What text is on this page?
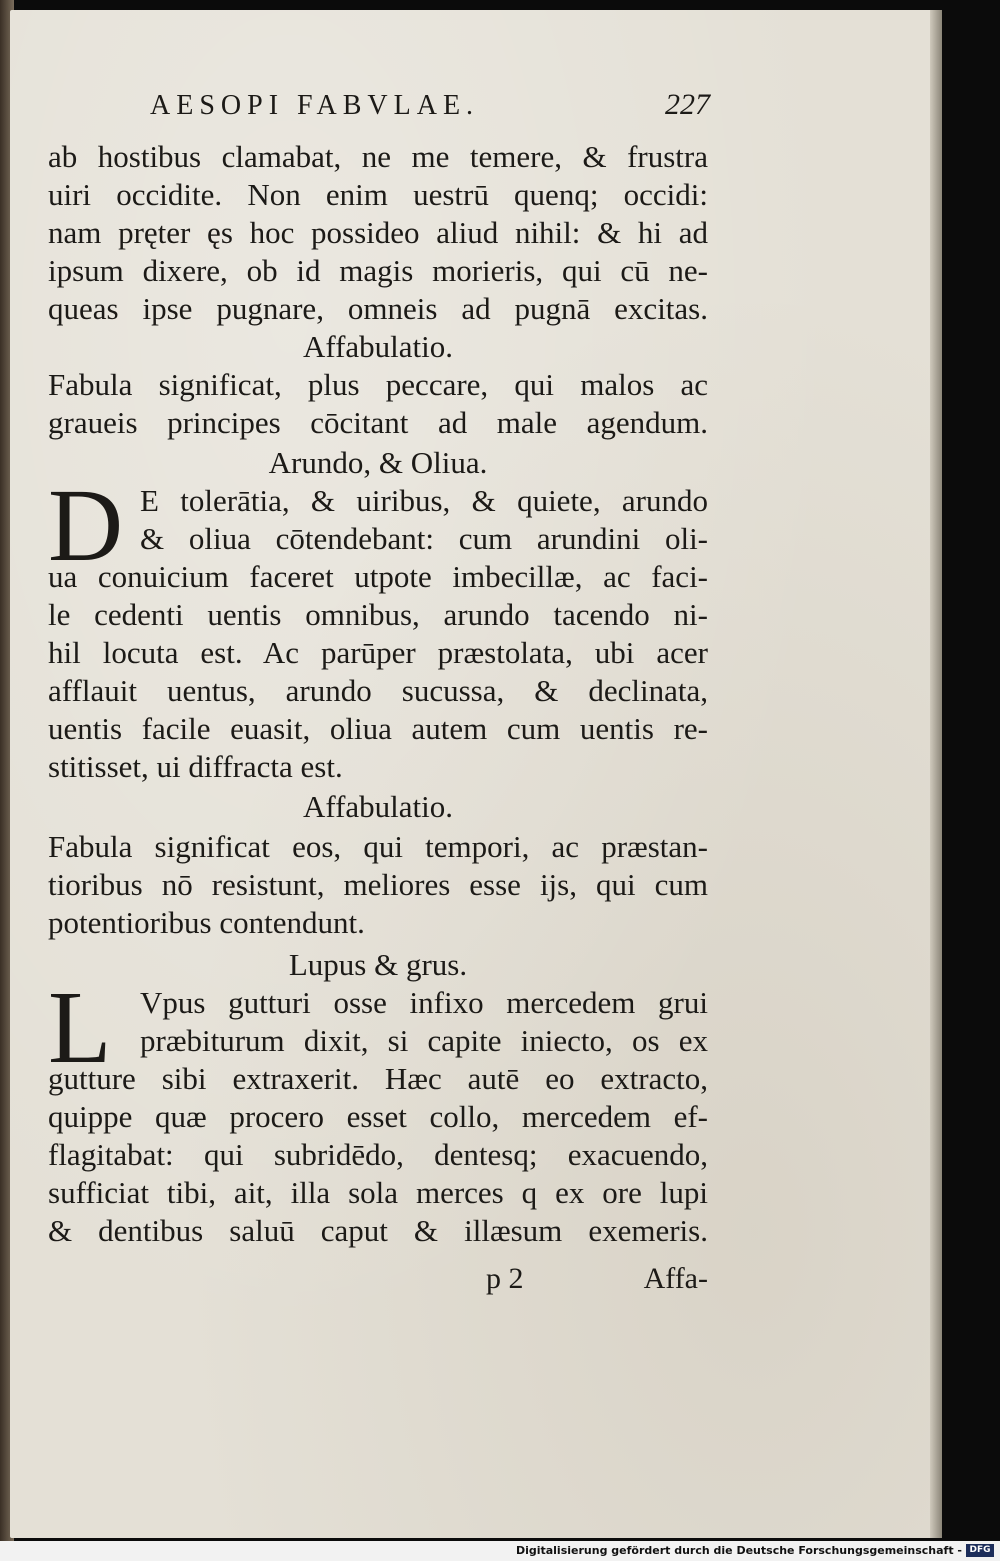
AESOPI FABVLAE.	227
ab hostibus clamabat, ne me temere, & frustra
uiri occidite. Non enim uestrū quenq; occidi:
nam pręter ęs hoc possideo aliud nihil: & hi ad
ipsum dixere, ob id magis morieris, qui cū ne-
queas ipse pugnare, omneis ad pugnā excitas.
Affabulatio.
Fabula significat, plus peccare, qui malos ac
graueis principes cōcitant ad male agendum.
Arundo, & Oliua.
D E tolerātia, & uiribus, & quiete, arundo
& oliua cōtendebant: cum arundini oli-
ua conuicium faceret utpote imbecillæ, ac faci-
le cedenti uentis omnibus, arundo tacendo ni-
hil locuta est. Ac parūper præstolata, ubi acer
afflauit uentus, arundo sucussa, & declinata,
uentis facile euasit, oliua autem cum uentis re-
stitisset, ui diffracta est.
Affabulatio.
Fabula significat eos, qui tempori, ac præstan-
tioribus nō resistunt, meliores esse ijs, qui cum
potentioribus contendunt.
Lupus & grus.
L Vpus gutturi osse infixo mercedem grui
præbiturum dixit, si capite iniecto, os ex
gutture sibi extraxerit. Hæc autē eo extracto,
quippe quæ procero esset collo, mercedem ef-
flagitabat: qui subridēdo, dentesq; exacuendo,
sufficiat tibi, ait, illa sola merces q ex ore lupi
& dentibus saluū caput & illæsum exemeris.
p 2	Affa-
Digitalisierung gefördert durch die Deutsche Forschungsgemeinschaft - DFG
